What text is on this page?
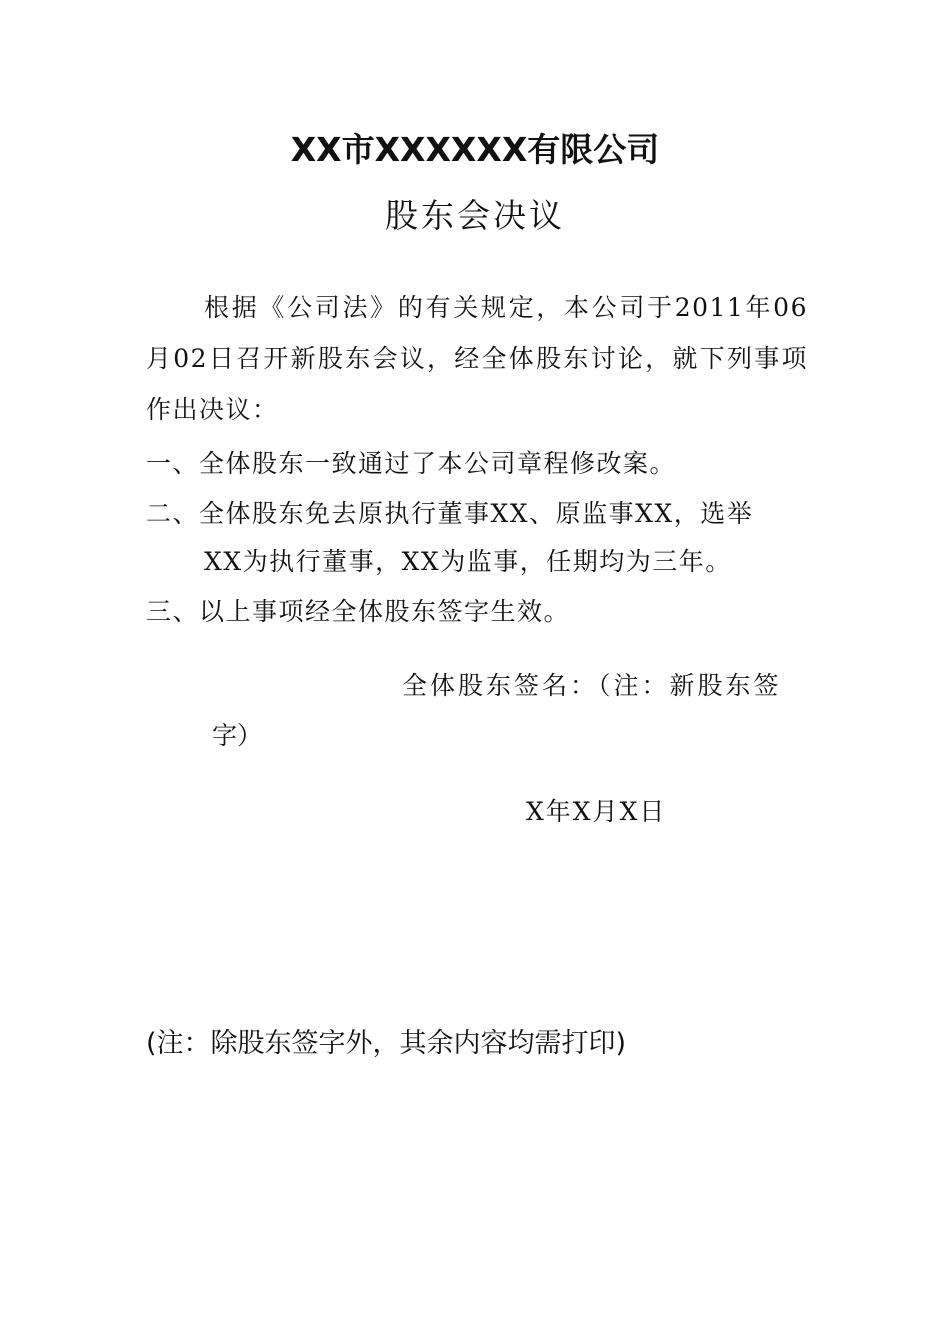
XX市XXXXXX有限公司
股东会决议
根据《公司法》的有关规定，本公司于2011年06月02日召开新股东会议，经全体股东讨论，就下列事项作出决议：
一、全体股东一致通过了本公司章程修改案。
二、全体股东免去原执行董事XX、原监事XX，选举
XX为执行董事，XX为监事，任期均为三年。
三、以上事项经全体股东签字生效。
全体股东签名：（注：新股东签
字）
X年X月X日
(注：除股东签字外，其余内容均需打印)
